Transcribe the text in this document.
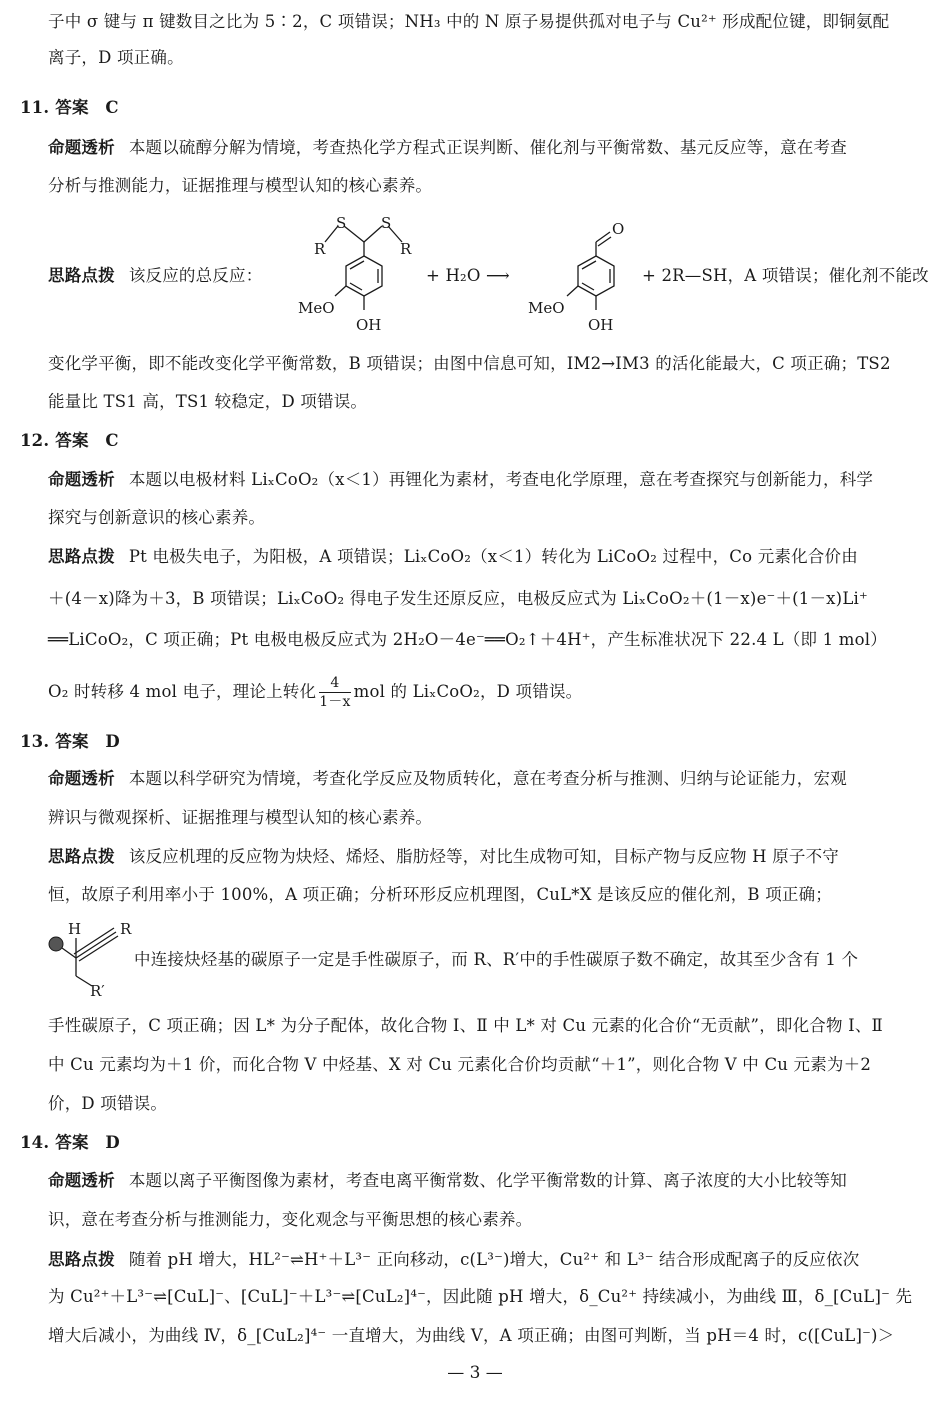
子中 σ 键与 π 键数目之比为 5∶2，C 项错误；NH₃ 中的 N 原子易提供孤对电子与 Cu²⁺ 形成配位键，即铜氨配
离子，D 项正确。
11. 答案　C
命题透析 本题以硫醇分解为情境，考查热化学方程式正误判断、催化剂与平衡常数、基元反应等，意在考查
分析与推测能力，证据推理与模型认知的核心素养。
思路点拨 该反应的总反应：
S S
R	R
MeO
OH
+ H₂O ⟶
O
MeO
OH
+ 2R—SH，A 项错误；催化剂不能改
变化学平衡，即不能改变化学平衡常数，B 项错误；由图中信息可知，IM2→IM3 的活化能最大，C 项正确；TS2
能量比 TS1 高，TS1 较稳定，D 项错误。
12. 答案　C
命题透析 本题以电极材料 LiₓCoO₂（x＜1）再锂化为素材，考查电化学原理，意在考查探究与创新能力，科学
探究与创新意识的核心素养。
思路点拨 Pt 电极失电子，为阳极，A 项错误；LiₓCoO₂（x＜1）转化为 LiCoO₂ 过程中，Co 元素化合价由
＋(4－x)降为＋3，B 项错误；LiₓCoO₂ 得电子发生还原反应，电极反应式为 LiₓCoO₂＋(1－x)e⁻＋(1－x)Li⁺
══LiCoO₂，C 项正确；Pt 电极电极反应式为 2H₂O－4e⁻══O₂↑＋4H⁺，产生标准状况下 22.4 L（即 1 mol）
O₂ 时转移 4 mol 电子，理论上转化 $\frac{4}{1-x}$ mol 的 LiₓCoO₂，D 项错误。
13. 答案　D
命题透析 本题以科学研究为情境，考查化学反应及物质转化，意在考查分析与推测、归纳与论证能力，宏观
辨识与微观探析、证据推理与模型认知的核心素养。
思路点拨 该反应机理的反应物为炔烃、烯烃、脂肪烃等，对比生成物可知，目标产物与反应物 H 原子不守
恒，故原子利用率小于 100%，A 项正确；分析环形反应机理图，CuL*X 是该反应的催化剂，B 项正确；
H	R
R′
中连接炔烃基的碳原子一定是手性碳原子，而 R、R′中的手性碳原子数不确定，故其至少含有 1 个
手性碳原子，C 项正确；因 L* 为分子配体，故化合物 Ⅰ、Ⅱ 中 L* 对 Cu 元素的化合价“无贡献”，即化合物 Ⅰ、Ⅱ
中 Cu 元素均为＋1 价，而化合物 Ⅴ 中烃基、X 对 Cu 元素化合价均贡献“＋1”，则化合物 Ⅴ 中 Cu 元素为＋2
价，D 项错误。
14. 答案　D
命题透析 本题以离子平衡图像为素材，考查电离平衡常数、化学平衡常数的计算、离子浓度的大小比较等知
识，意在考查分析与推测能力，变化观念与平衡思想的核心素养。
思路点拨 随着 pH 增大，HL²⁻⇌H⁺＋L³⁻ 正向移动，c(L³⁻)增大，Cu²⁺ 和 L³⁻ 结合形成配离子的反应依次
为 Cu²⁺＋L³⁻⇌[CuL]⁻、[CuL]⁻＋L³⁻⇌[CuL₂]⁴⁻，因此随 pH 增大，δ_Cu²⁺ 持续减小，为曲线 Ⅲ，δ_[CuL]⁻ 先
增大后减小，为曲线 Ⅳ，δ_[CuL₂]⁴⁻ 一直增大，为曲线 Ⅴ，A 项正确；由图可判断，当 pH＝4 时，c([CuL]⁻)＞
— 3 —
